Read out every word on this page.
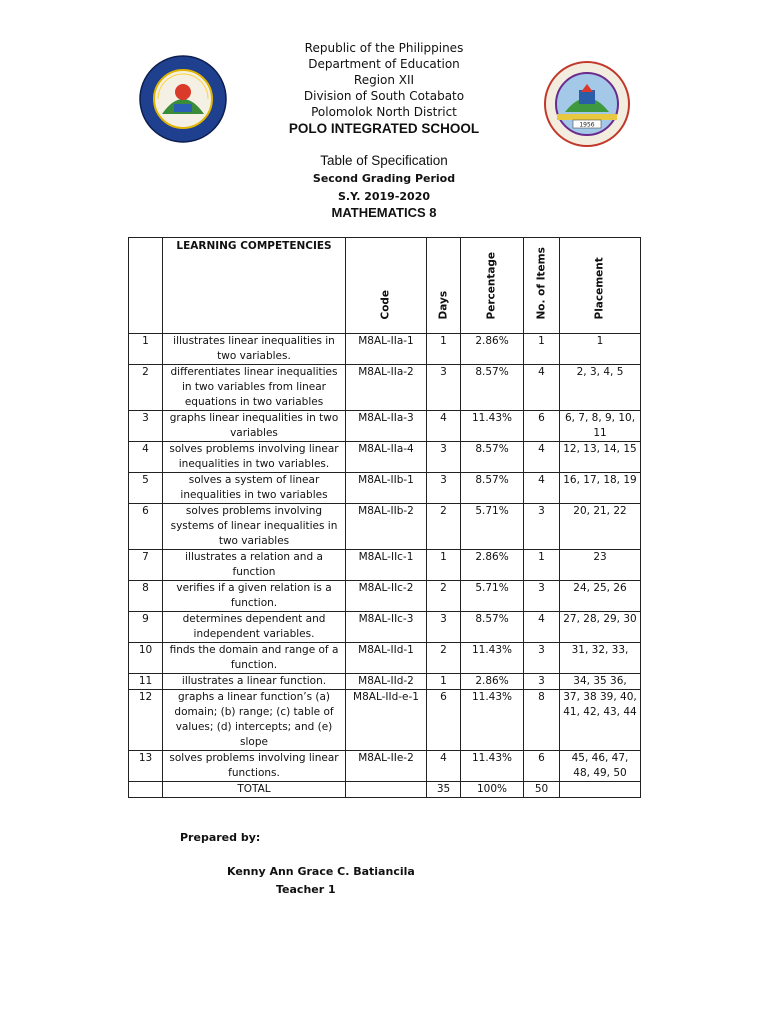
1956
Republic of the Philippines
Department of Education
Region XII
Division of South Cotabato
Polomolok North District
POLO INTEGRATED SCHOOL
Table of Specification
Second Grading Period
S.Y. 2019-2020
MATHEMATICS 8
	LEARNING COMPETENCIES	Code	Days	Percentage	No. of Items	Placement

1	illustrates linear inequalities in two variables.	M8AL-IIa-1	1	2.86%	1	1
2	differentiates linear inequalities in two variables from linear equations in two variables	M8AL-IIa-2	3	8.57%	4	2, 3, 4, 5
3	graphs linear inequalities in two variables	M8AL-IIa-3	4	11.43%	6	6, 7, 8, 9, 10, 11
4	solves problems involving linear inequalities in two variables.	M8AL-IIa-4	3	8.57%	4	12, 13, 14, 15
5	solves a system of linear inequalities in two variables	M8AL-IIb-1	3	8.57%	4	16, 17, 18, 19
6	solves problems involving systems of linear inequalities in two variables	M8AL-IIb-2	2	5.71%	3	20, 21, 22
7	illustrates a relation and a function	M8AL-IIc-1	1	2.86%	1	23
8	verifies if a given relation is a function.	M8AL-IIc-2	2	5.71%	3	24, 25, 26
9	determines dependent and independent variables.	M8AL-IIc-3	3	8.57%	4	27, 28, 29, 30
10	finds the domain and range of a function.	M8AL-IId-1	2	11.43%	3	31, 32, 33,
11	illustrates a linear function.	M8AL-IId-2	1	2.86%	3	34, 35 36,
12	graphs a linear function’s (a) domain; (b) range; (c) table of values; (d) intercepts; and (e) slope	M8AL-IId-e-1	6	11.43%	8	37, 38 39, 40, 41, 42, 43, 44
13	solves problems involving linear functions.	M8AL-IIe-2	4	11.43%	6	45, 46, 47, 48, 49, 50
	TOTAL		35	100%	50	
Prepared by:
Kenny Ann Grace C. Batiancila
Teacher 1
